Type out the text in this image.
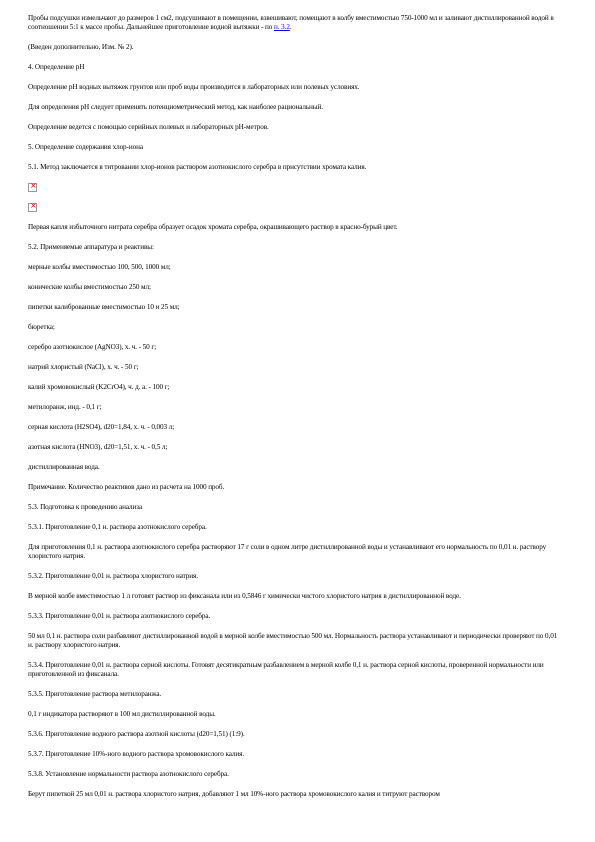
Пробы подсушки измельчают до размеров 1 см2, подсушивают в помещении, взвешивают, помещают в колбу вместимостью 750-1000 мл и заливают дистиллированной водой в соотношении 5:1 к массе пробы. Дальнейшее приготовление водной вытяжки - по п. 3.2.

(Введен дополнительно, Изм. № 2).

4. Определение рН

Определение рН водных вытяжек грунтов или проб воды производится в лабораторных или полевых условиях.

Для определения рН следует применять потенциометрический метод, как наиболее рациональный.

Определение ведется с помощью серийных полевых и лабораторных рН-метров.

5. Определение содержания хлор-иона

5.1. Метод заключается в титровании хлор-ионов раствором азотнокислого серебра в присутствии хромата калия.

×
×

Первая капля избыточного нитрата серебра образует осадок хромата серебра, окрашивающего раствор в красно-бурый цвет.

5.2. Применяемые аппаратура и реактивы:

мерные колбы вместимостью 100, 500, 1000 мл;

конические колбы вместимостью 250 мл;

пипетки калиброванные вместимостью 10 и 25 мл;

бюретка;

серебро азотнокислое (AgNO3), х. ч. - 50 г;

натрий хлористый (NaCl), х. ч. - 50 г;

калий хромовокислый (K2CrO4), ч. д. а. - 100 г;

метилоранж, инд. - 0,1 г;

серная кислота (H2SO4), d20=1,84, х. ч. - 0,003 л;

азотная кислота (HNO3), d20=1,51, х. ч. - 0,5 л;

дистиллированная вода.

Примечание. Количество реактивов дано из расчета на 1000 проб.

5.3. Подготовка к проведению анализа

5.3.1. Приготовление 0,1 н. раствора азотнокислого серебра.

Для приготовления 0,1 н. раствора азотнокислого серебра растворяют 17 г соли в одном литре дистиллированной воды и устанавливают его нормальность по 0,01 н. раствору хлористого натрия.

5.3.2. Приготовление 0,01 н. раствора хлористого натрия.

В мерной колбе вместимостью 1 л готовят раствор из фиксанала или из 0,5846 г химически чистого хлористого натрия в дистиллированной воде.

5.3.3. Приготовление 0,01 н. раствора азотнокислого серебра.

50 мл 0,1 н. раствора соли разбавляют дистиллированной водой в мерной колбе вместимостью 500 мл. Нормальность раствора устанавливают и периодически проверяют по 0,01 н. раствору хлористого натрия.

5.3.4. Приготовление 0,01 н. раствора серной кислоты. Готовят десятикратным разбавлением в мерной колбе 0,1 н. раствора серной кислоты, проверенной нормальности или приготовленной из фиксанала.

5.3.5. Приготовление раствора метилоранжа.

0,1 г индикатора растворяют в 100 мл дистиллированной воды.

5.3.6. Приготовление водного раствора азотной кислоты (d20=1,51) (1:9).

5.3.7. Приготовление 10%-ного водного раствора хромовокислого калия.

5.3.8. Установление нормальности раствора азотнокислого серебра.

Берут пипеткой 25 мл 0,01 н. раствора хлористого натрия, добавляют 1 мл 10%-ного раствора хромовокислого калия и титруют раствором
